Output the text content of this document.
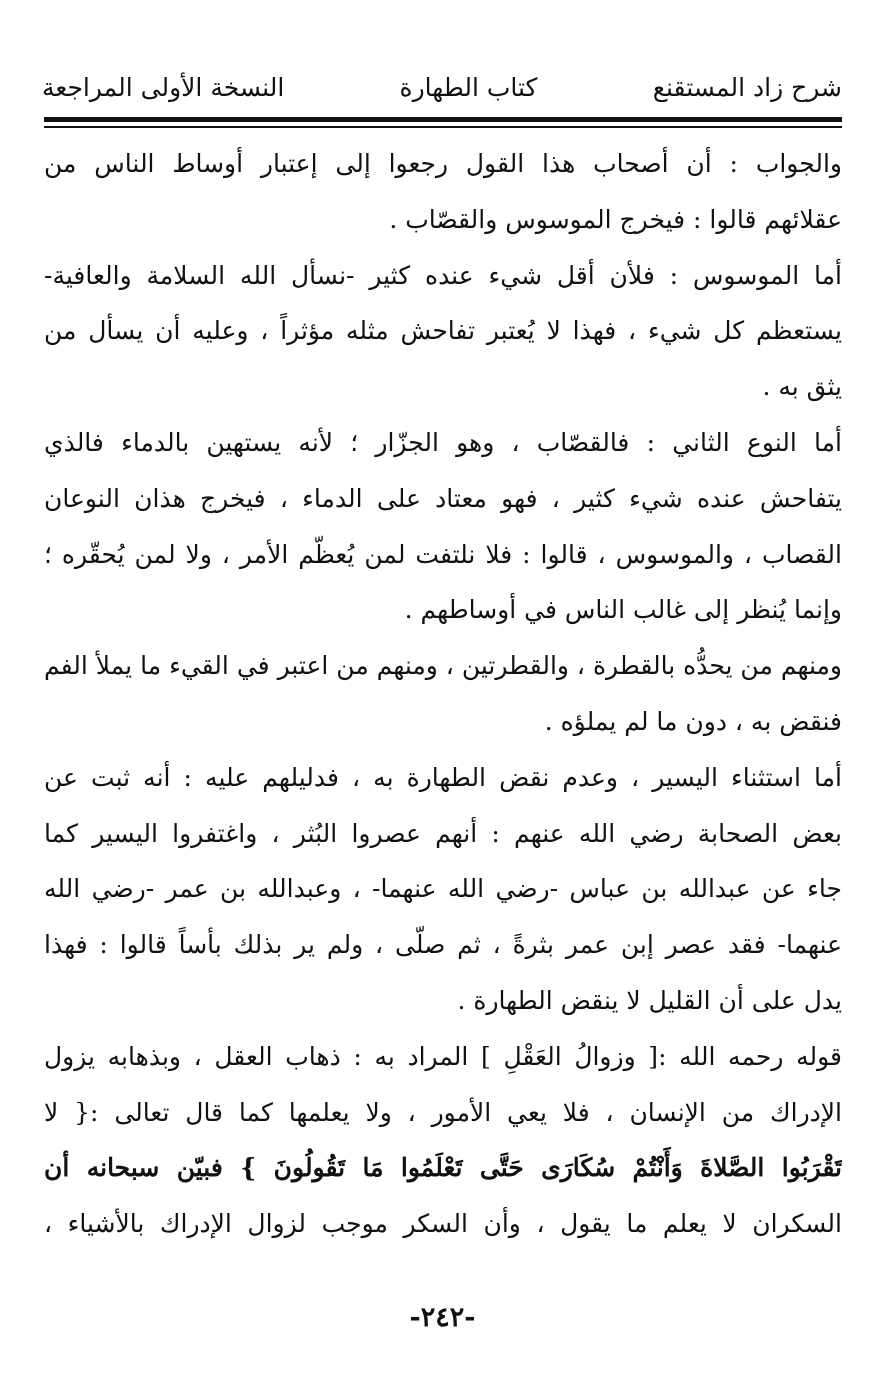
شرح زاد المستقنع
كتاب الطهارة
النسخة الأولى المراجعة
والجواب : أن أصحاب هذا القول رجعوا إلى إعتبار أوساط الناس من
عقلائهم قالوا : فيخرج الموسوس والقصّاب .
أما الموسوس : فلأن أقل شيء عنده كثير -نسأل الله السلامة والعافية-
يستعظم كل شيء ، فهذا لا يُعتبر تفاحش مثله مؤثراً ، وعليه أن يسأل من
يثق به .
أما النوع الثاني : فالقصّاب ، وهو الجزّار ؛ لأنه يستهين بالدماء فالذي
يتفاحش عنده شيء كثير ، فهو معتاد على الدماء ، فيخرج هذان النوعان
القصاب ، والموسوس ، قالوا : فلا نلتفت لمن يُعظّم الأمر ، ولا لمن يُحقّره ؛
وإنما يُنظر إلى غالب الناس في أوساطهم .
ومنهم من يحدُّه بالقطرة ، والقطرتين ، ومنهم من اعتبر في القيء ما يملأ الفم
فنقض به ، دون ما لم يملؤه .
أما استثناء اليسير ، وعدم نقض الطهارة به ، فدليلهم عليه : أنه ثبت عن
بعض الصحابة رضي الله عنهم : أنهم عصروا البُثر ، واغتفروا اليسير كما
جاء عن عبدالله بن عباس -رضي الله عنهما- ، وعبدالله بن عمر -رضي الله
عنهما- فقد عصر إبن عمر بثرةً ، ثم صلّى ، ولم ير بذلك بأساً قالوا : فهذا
يدل على أن القليل لا ينقض الطهارة .
قوله رحمه الله :[ وزوالُ العَقْلِ ] المراد به : ذهاب العقل ، وبذهابه يزول
الإدراك من الإنسان ، فلا يعي الأمور ، ولا يعلمها كما قال تعالى :{ لا
تَقْرَبُوا الصَّلاةَ وَأَنْتُمْ سُكَارَى حَتَّى تَعْلَمُوا مَا تَقُولُونَ } فبيّن سبحانه أن
السكران لا يعلم ما يقول ، وأن السكر موجب لزوال الإدراك بالأشياء ،
-٢٤٢-
